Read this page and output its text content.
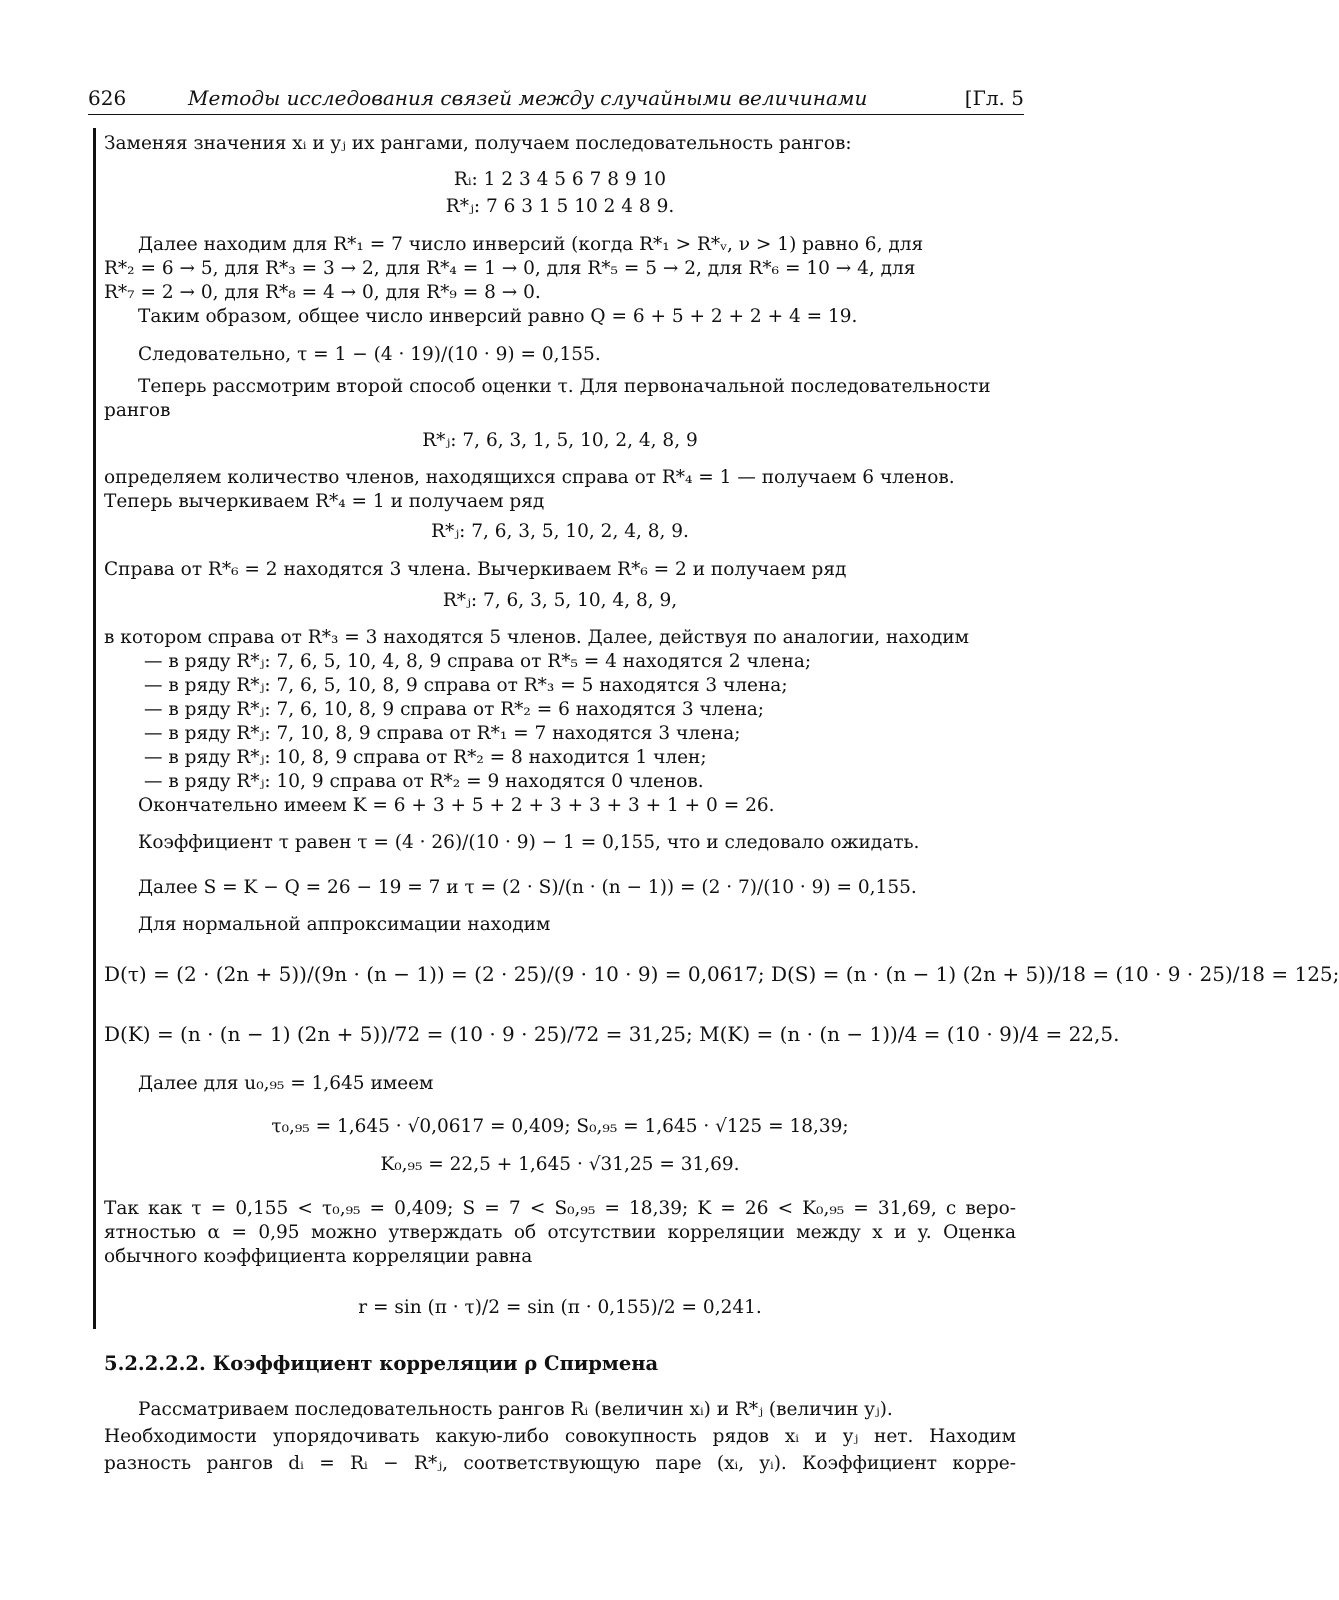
626	Методы исследования связей между случайными величинами	[Гл. 5
Заменяя значения xᵢ и yⱼ их рангами, получаем последовательность рангов:
Rᵢ: 1 2 3 4 5 6 7 8 9 10
R*ⱼ: 7 6 3 1 5 10 2 4 8 9.
Далее находим для R*₁ = 7 число инверсий (когда R*₁ > R*ᵥ, ν > 1) равно 6, для
R*₂ = 6 → 5, для R*₃ = 3 → 2, для R*₄ = 1 → 0, для R*₅ = 5 → 2, для R*₆ = 10 → 4, для
R*₇ = 2 → 0, для R*₈ = 4 → 0, для R*₉ = 8 → 0.
Таким образом, общее число инверсий равно Q = 6 + 5 + 2 + 2 + 4 = 19.
Следовательно, τ = 1 − (4 · 19)/(10 · 9) = 0,155.
Теперь рассмотрим второй способ оценки τ. Для первоначальной последовательности
рангов
R*ⱼ: 7, 6, 3, 1, 5, 10, 2, 4, 8, 9
определяем количество членов, находящихся справа от R*₄ = 1 — получаем 6 членов.
Теперь вычеркиваем R*₄ = 1 и получаем ряд
R*ⱼ: 7, 6, 3, 5, 10, 2, 4, 8, 9.
Справа от R*₆ = 2 находятся 3 члена. Вычеркиваем R*₆ = 2 и получаем ряд
R*ⱼ: 7, 6, 3, 5, 10, 4, 8, 9,
в котором справа от R*₃ = 3 находятся 5 членов. Далее, действуя по аналогии, находим
— в ряду R*ⱼ: 7, 6, 5, 10, 4, 8, 9 справа от R*₅ = 4 находятся 2 члена;
— в ряду R*ⱼ: 7, 6, 5, 10, 8, 9 справа от R*₃ = 5 находятся 3 члена;
— в ряду R*ⱼ: 7, 6, 10, 8, 9 справа от R*₂ = 6 находятся 3 члена;
— в ряду R*ⱼ: 7, 10, 8, 9 справа от R*₁ = 7 находятся 3 члена;
— в ряду R*ⱼ: 10, 8, 9 справа от R*₂ = 8 находится 1 член;
— в ряду R*ⱼ: 10, 9 справа от R*₂ = 9 находятся 0 членов.
Окончательно имеем K = 6 + 3 + 5 + 2 + 3 + 3 + 3 + 1 + 0 = 26.
Коэффициент τ равен τ = (4 · 26)/(10 · 9) − 1 = 0,155, что и следовало ожидать.
Далее S = K − Q = 26 − 19 = 7 и τ = (2 · S)/(n · (n − 1)) = (2 · 7)/(10 · 9) = 0,155.
Для нормальной аппроксимации находим
D(τ) = (2 · (2n + 5))/(9n · (n − 1)) = (2 · 25)/(9 · 10 · 9) = 0,0617; D(S) = (n · (n − 1) (2n + 5))/18 = (10 · 9 · 25)/18 = 125;
D(K) = (n · (n − 1) (2n + 5))/72 = (10 · 9 · 25)/72 = 31,25; M(K) = (n · (n − 1))/4 = (10 · 9)/4 = 22,5.
Далее для u₀,₉₅ = 1,645 имеем
τ₀,₉₅ = 1,645 · √0,0617 = 0,409; S₀,₉₅ = 1,645 · √125 = 18,39;
K₀,₉₅ = 22,5 + 1,645 · √31,25 = 31,69.
Так как τ = 0,155 < τ₀,₉₅ = 0,409; S = 7 < S₀,₉₅ = 18,39; K = 26 < K₀,₉₅ = 31,69, с веро-
ятностью α = 0,95 можно утверждать об отсутствии корреляции между x и y. Оценка
обычного коэффициента корреляции равна
r = sin (π · τ)/2 = sin (π · 0,155)/2 = 0,241.
Рассматриваем последовательность рангов Rᵢ (величин xᵢ) и R*ⱼ (величин yⱼ).
Необходимости упорядочивать какую-либо совокупность рядов xᵢ и yⱼ нет. Находим
разность рангов dᵢ = Rᵢ − R*ⱼ, соответствующую паре (xᵢ, yᵢ). Коэффициент корре-
5.2.2.2.2. Коэффициент корреляции ρ Спирмена
